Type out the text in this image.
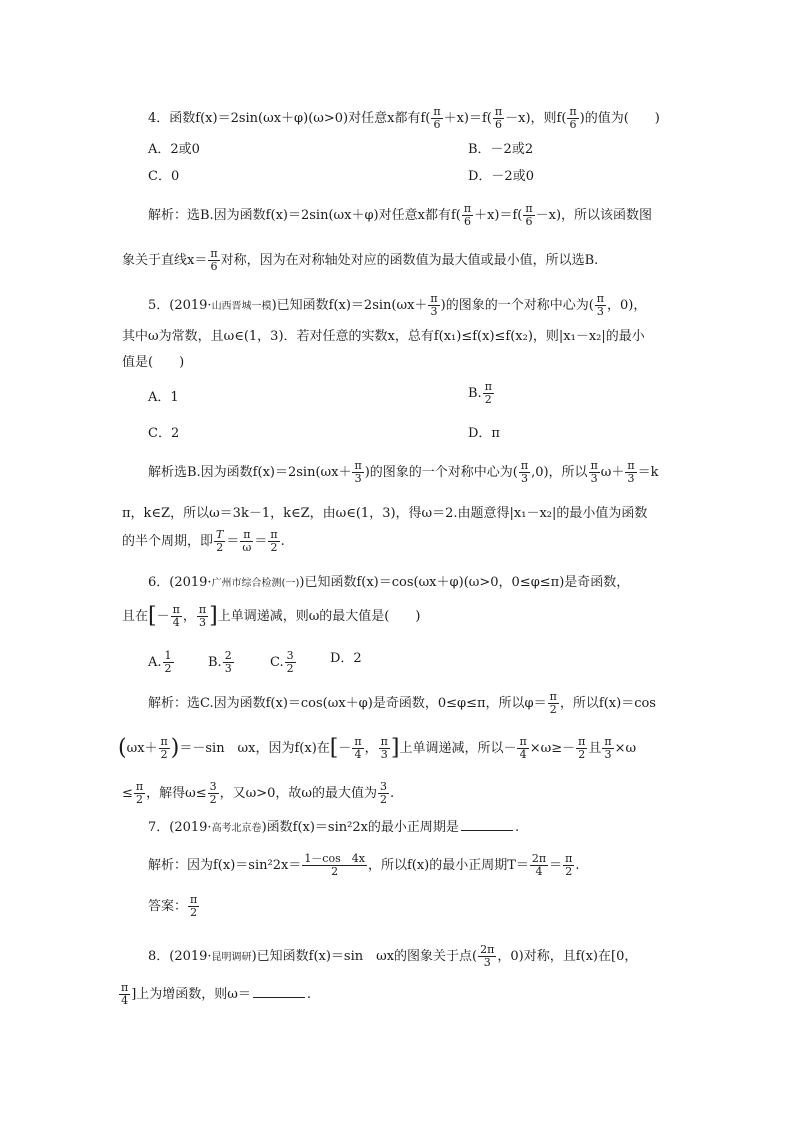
4．函数f(x)＝2sin(ωx＋φ)(ω>0)对任意x都有$f( \frac{\pi}{6} +x)=f( \frac{\pi}{6} -x)$，则$f( \frac{\pi}{6}$ )的值为(　　)
A．2或0	B．－2或2
C．0	D．－2或0
解析：选B.因为函数f(x)＝2sin(ωx＋φ)对任意x都有$f( \frac{\pi}{6} +x)=f( \frac{\pi}{6} -x)$，所以该函数图
象关于直线$x= \frac{\pi}{6}$ 对称，因为在对称轴处对应的函数值为最大值或最小值，所以选B.
5．(2019·山西晋城一模)已知函数$f(x)=2\sin(\omega x+ \frac{\pi}{3}$ )的图象的一个对称中心为( $\frac{\pi}{3}$ ，0)，
其中ω为常数，且ω∈(1，3)．若对任意的实数x，总有f(x₁)≤f(x)≤f(x₂)，则|x₁－x₂|的最小
值是(　　)
A．1	B. $\frac{\pi}{2}$
C．2	D．π
解析选B.因为函数$f(x)=2\sin(\omega x+ \frac{\pi}{3}$ )的图象的一个对称中心为( $\frac{\pi}{3} ,0$)，所以 $\frac{\pi}{3} \omega+ \frac{\pi}{3} =k$
π，k∈Z，所以ω＝3k－1，k∈Z，由ω∈(1，3)，得ω＝2.由题意得|x₁－x₂|的最小值为函数
的半个周期，即 $\frac{T}{2} = \frac{\pi}{\omega} = \frac{\pi}{2}$ .
6．(2019·广州市综合检测(一))已知函数f(x)＝cos(ωx＋φ)(ω>0，0≤φ≤π)是奇函数，
且在[－ $\frac{\pi}{4}$ ， $\frac{\pi}{3}$ ]上单调递减，则ω的最大值是(　　)
A. $\frac{1}{2}$	B. $\frac{2}{3}$	C. $\frac{3}{2}$	D．2
解析：选C.因为函数f(x)＝cos(ωx＋φ)是奇函数，0≤φ≤π，所以$\varphi= \frac{\pi}{2}$ ，所以f(x)＝cos
$(\omega x+ \frac{\pi}{2} )=-\sin$　ωx，因为f(x)在[－ $\frac{\pi}{4}$ ， $\frac{\pi}{3}$ ]上单调递减，所以－ $\frac{\pi}{4} \times\omega\ge- \frac{\pi}{2}$ 且 $\frac{\pi}{3} \times\omega$
≤ $\frac{\pi}{2}$ ，解得$\omega\le \frac{3}{2}$ ，又ω>0，故ω的最大值为 $\frac{3}{2}$ .
7．(2019·高考北京卷)函数f(x)＝sin²2x的最小正周期是	.
解析：因为$f(x)=\sin^22x= \frac{1-\cos 4x}{2}$ ，所以f(x)的最小正周期$T= \frac{2\pi}{4} = \frac{\pi}{2}$ .
答案： $\frac{\pi}{2}$
8．(2019·昆明调研)已知函数f(x)＝sin　ωx的图象关于点( $\frac{2\pi}{3}$ ，0)对称，且f(x)在[0，
$\frac{\pi}{4}$ ]上为增函数，则ω＝	.
